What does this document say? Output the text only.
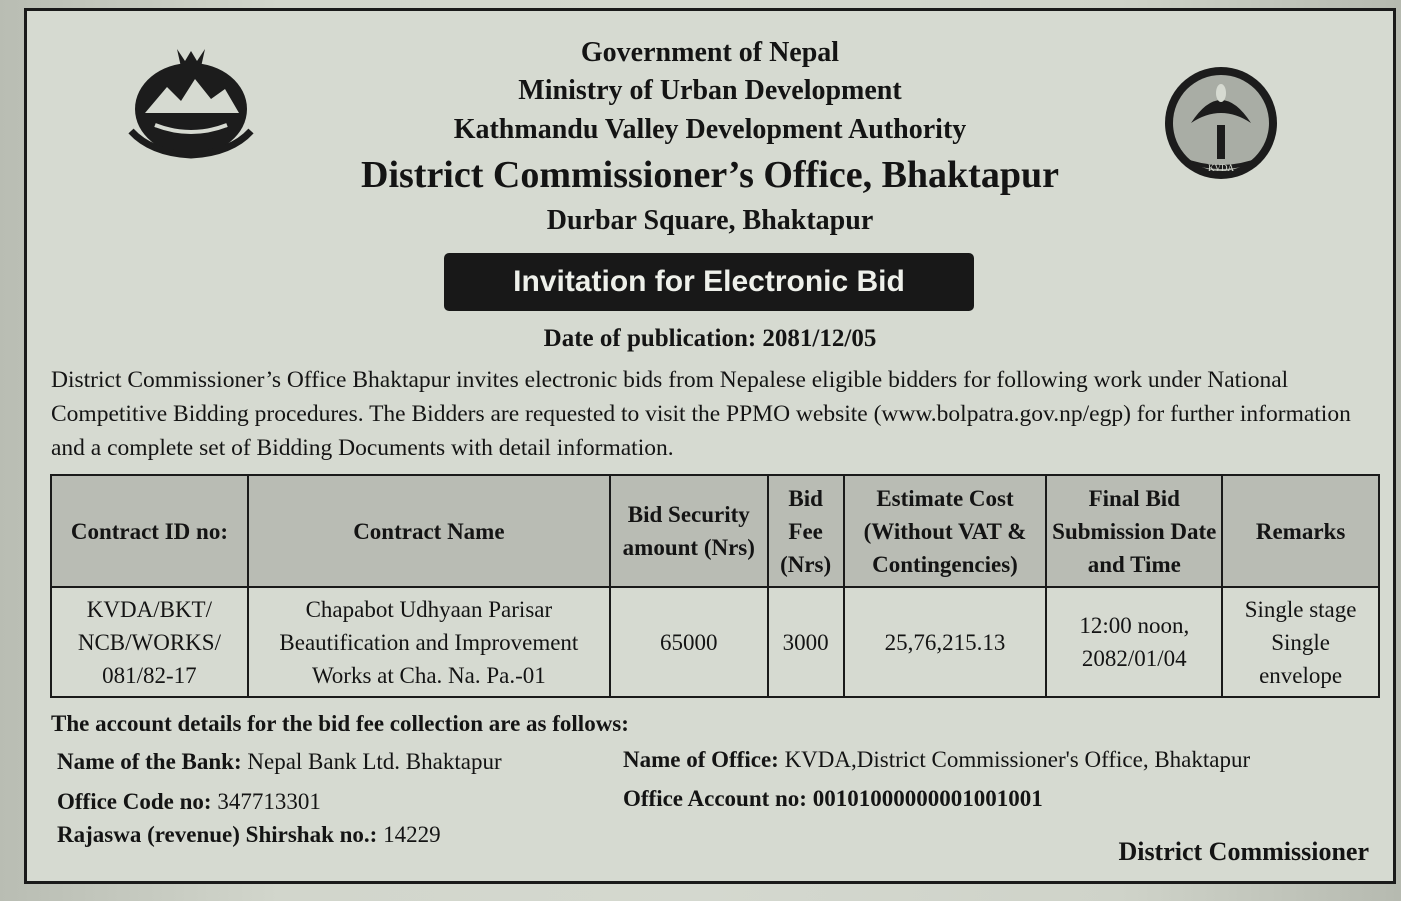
KVDA
Government of Nepal
Ministry of Urban Development
Kathmandu Valley Development Authority
District Commissioner’s Office, Bhaktapur
Durbar Square, Bhaktapur
Invitation for Electronic Bid
Date of publication: 2081/12/05

District Commissioner’s Office Bhaktapur invites electronic bids from Nepalese eligible bidders for following work under National Competitive Bidding procedures. The Bidders are requested to visit the PPMO website (www.bolpatra.gov.np/egp) for further information and a complete set of Bidding Documents with detail information.

Contract ID no:	Contract Name	Bid Security amount (Nrs)	Bid Fee (Nrs)	Estimate Cost (Without VAT & Contingencies)	Final Bid Submission Date and Time	Remarks
KVDA/BKT/
NCB/WORKS/
081/82-17	Chapabot Udhyaan Parisar
Beautification and Improvement
Works at Cha. Na. Pa.-01	65000	3000	25,76,215.13	12:00 noon,
2082/01/04	Single stage
Single
envelope
The account details for the bid fee collection are as follows:
Name of the Bank: Nepal Bank Ltd. Bhaktapur
Office Code no: 347713301
Rajaswa (revenue) Shirshak no.: 14229
Name of Office: KVDA,District Commissioner's Office, Bhaktapur
Office Account no: 00101000000001001001
District Commissioner
